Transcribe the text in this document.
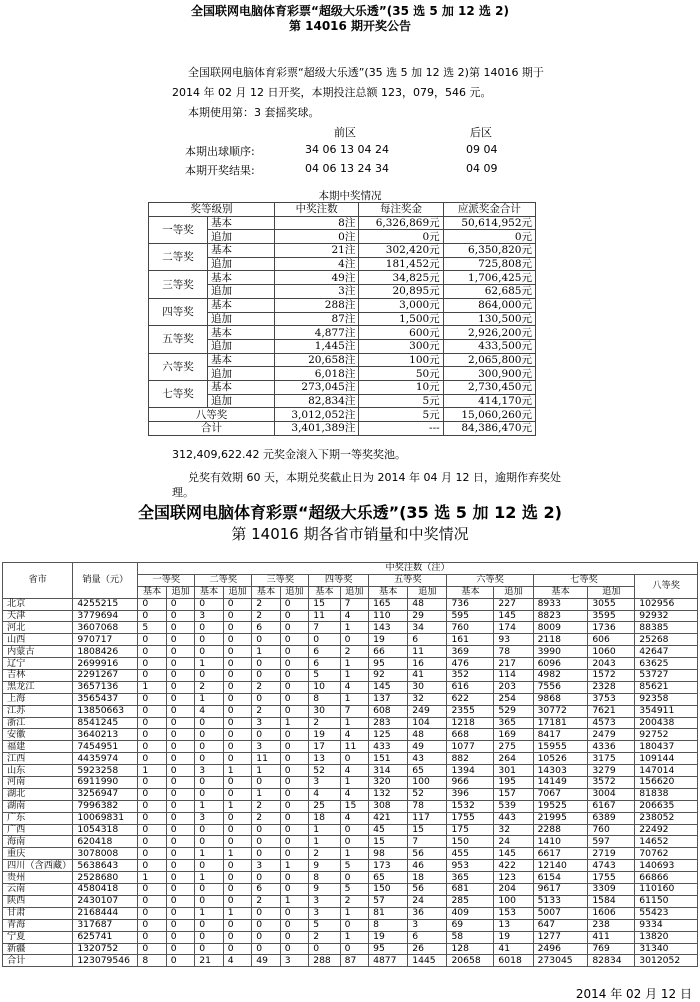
全国联网电脑体育彩票“超级大乐透”(35 选 5 加 12 选 2)
第 14016 期开奖公告
全国联网电脑体育彩票“超级大乐透”(35 选 5 加 12 选 2)第 14016 期于
2014 年 02 月 12 日开奖，本期投注总额 123，079，546 元。
本期使用第：3 套摇奖球。
前区	后区
本期出球顺序:	34 06 13 04 24	09 04
本期开奖结果:	04 06 13 24 34	04 09
本期中奖情况
奖等级别		中奖注数	每注奖金	应派奖金合计
一等奖	基本	8注	6,326,869元	50,614,952元
	追加	0注	0元	0元
二等奖	基本	21注	302,420元	6,350,820元
	追加	4注	181,452元	725,808元
三等奖	基本	49注	34,825元	1,706,425元
	追加	3注	20,895元	62,685元
四等奖	基本	288注	3,000元	864,000元
	追加	87注	1,500元	130,500元
五等奖	基本	4,877注	600元	2,926,200元
	追加	1,445注	300元	433,500元
六等奖	基本	20,658注	100元	2,065,800元
	追加	6,018注	50元	300,900元
七等奖	基本	273,045注	10元	2,730,450元
	追加	82,834注	5元	414,170元
八等奖		3,012,052注	5元	15,060,260元
合计		3,401,389注	---	84,386,470元
312,409,622.42 元奖金滚入下期一等奖奖池。
兑奖有效期 60 天，本期兑奖截止日为 2014 年 04 月 12 日，逾期作弃奖处
理。
全国联网电脑体育彩票“超级大乐透”(35 选 5 加 12 选 2)
第 14016 期各省市销量和中奖情况
省市	销量（元）	中奖注数（注）														
		一等奖		二等奖		三等奖		四等奖		五等奖		六等奖		七等奖		八等奖
		基本	追加	基本	追加	基本	追加	基本	追加	基本	追加	基本	追加	基本	追加	
北京	4255215	0	0	0	0	2	0	15	7	165	48	736	227	8933	3055	102956
天津	3779694	0	0	3	0	2	0	11	4	110	29	595	145	8823	3595	92932
河北	3607068	5	0	0	0	6	0	7	1	143	34	760	174	8009	1736	88385
山西	970717	0	0	0	0	0	0	0	0	19	6	161	93	2118	606	25268
内蒙古	1808426	0	0	0	0	1	0	6	2	66	11	369	78	3990	1060	42647
辽宁	2699916	0	0	1	0	0	0	6	1	95	16	476	217	6096	2043	63625
吉林	2291267	0	0	0	0	0	0	5	1	92	41	352	114	4982	1572	53727
黑龙江	3657136	1	0	2	0	2	0	10	4	145	30	616	203	7556	2328	85621
上海	3565437	0	0	1	0	0	0	8	1	137	32	622	254	9868	3753	92358
江苏	13850663	0	0	4	0	2	0	30	7	608	249	2355	529	30772	7621	354911
浙江	8541245	0	0	0	0	3	1	2	1	283	104	1218	365	17181	4573	200438
安徽	3640213	0	0	0	0	0	0	19	4	125	48	668	169	8417	2479	92752
福建	7454951	0	0	0	0	3	0	17	11	433	49	1077	275	15955	4336	180437
江西	4435974	0	0	0	0	11	0	13	0	151	43	882	264	10526	3175	109144
山东	5923258	1	0	3	1	1	0	52	4	314	65	1394	301	14303	3279	147014
河南	6911990	0	0	0	0	0	0	3	1	320	100	966	195	14149	3572	156620
湖北	3256947	0	0	0	0	1	0	4	4	132	52	396	157	7067	3004	81838
湖南	7996382	0	0	1	1	2	0	25	15	308	78	1532	539	19525	6167	206635
广东	10069831	0	0	3	0	2	0	18	4	421	117	1755	443	21995	6389	238052
广西	1054318	0	0	0	0	0	0	1	0	45	15	175	32	2288	760	22492
海南	620418	0	0	0	0	0	0	1	0	15	7	150	24	1410	597	14652
重庆	3078008	0	0	1	1	0	0	2	1	98	56	455	145	6617	2719	70762
四川（含西藏）	5638643	0	0	0	0	3	1	9	5	173	46	953	422	12140	4743	140693
贵州	2528680	1	0	1	0	0	0	8	0	65	18	365	123	6154	1755	66866
云南	4580418	0	0	0	0	6	0	9	5	150	56	681	204	9617	3309	110160
陕西	2430107	0	0	0	0	2	1	3	2	57	24	285	100	5133	1584	61150
甘肃	2168444	0	0	1	1	0	0	3	1	81	36	409	153	5007	1606	55423
青海	317687	0	0	0	0	0	0	5	0	8	3	69	13	647	238	9334
宁夏	625741	0	0	0	0	0	0	2	1	19	6	58	19	1277	411	13820
新疆	1320752	0	0	0	0	0	0	0	0	95	26	128	41	2496	769	31340
合计	123079546	8	0	21	4	49	3	288	87	4877	1445	20658	6018	273045	82834	3012052
2014 年 02 月 12 日
